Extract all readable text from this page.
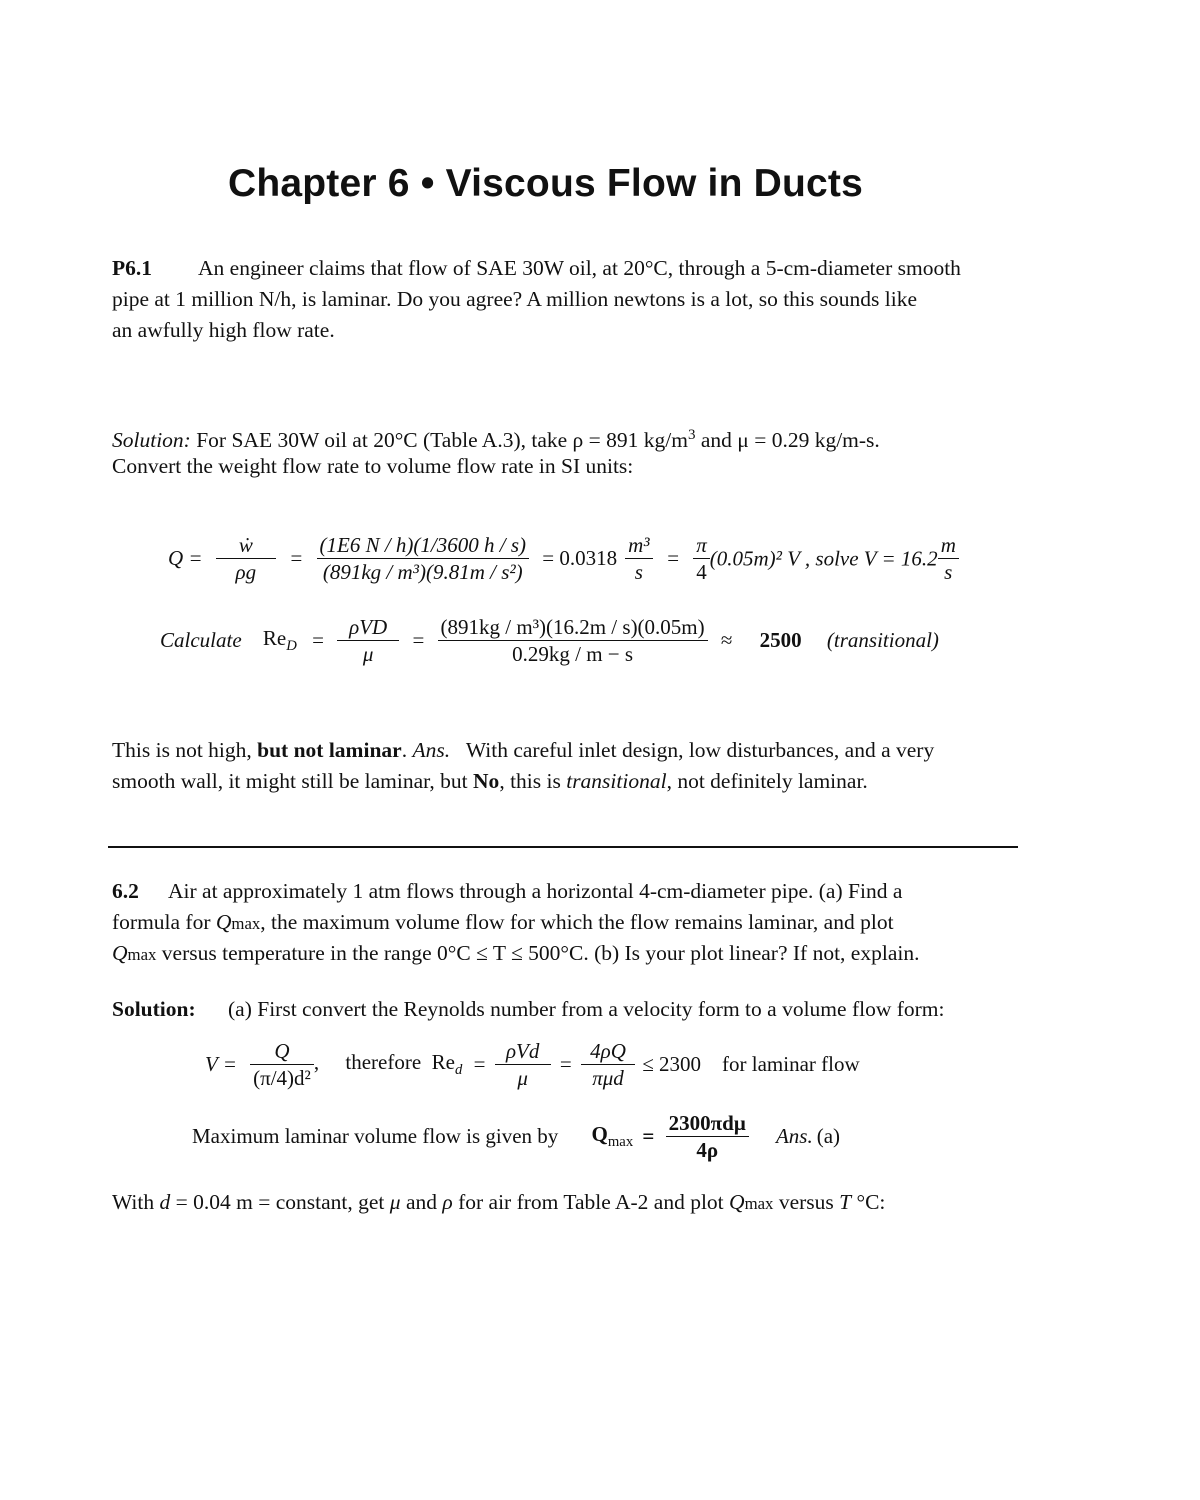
Chapter 6 • Viscous Flow in Ducts
P6.1 An engineer claims that flow of SAE 30W oil, at 20°C, through a 5-cm-diameter smooth
pipe at 1 million N/h, is laminar. Do you agree? A million newtons is a lot, so this sounds like
an awfully high flow rate.
Solution: For SAE 30W oil at 20°C (Table A.3), take ρ = 891 $kg/m^3$ and μ = 0.29 kg/m-s.
Convert the weight flow rate to volume flow rate in SI units:
$Q = \frac{\text{ẇ}}{\rho g} = \frac{(1E6 N / h)(1/3600 h / s)}{\text{(891kg / m³)(9.81m / s²)}} = 0.0318 \frac{\text{m³}}{s} = \frac{\pi}{4} (0.05m)^2$ V , solve $V = 16.2 \frac{m}{s}$
Calculate $Re_D = \frac{\text{ρVD}}{\mu} = \frac{\text{(891kg / m³)(16.2m / s)(0.05m)}}{0.29kg / m - s} \approx 2500$ (transitional)
This is not high, but not laminar. Ans.   With careful inlet design, low disturbances, and a very
smooth wall, it might still be laminar, but No, this is transitional, not definitely laminar.
6.2 Air at approximately 1 atm flows through a horizontal 4-cm-diameter pipe. (a) Find a
formula for Qmax, the maximum volume flow for which the flow remains laminar, and plot
Qmax versus temperature in the range 0°C ≤ T ≤ 500°C. (b) Is your plot linear? If not, explain.
Solution: (a) First convert the Reynolds number from a velocity form to a volume flow form:
$V = \frac{Q}{\text{(π/4)d²}}$ ,     therefore  $Re_d = \frac{\text{ρVd}}{\mu} = \frac{4\rho Q}{\text{πμd}} \le 2300$    for laminar flow
Maximum laminar volume flow is given by $Q_{max} = \frac{\text{2300πdμ}}{4\rho}$ Ans. (a)
With d = 0.04 m = constant, get μ and ρ for air from Table A-2 and plot Qmax versus T °C:
